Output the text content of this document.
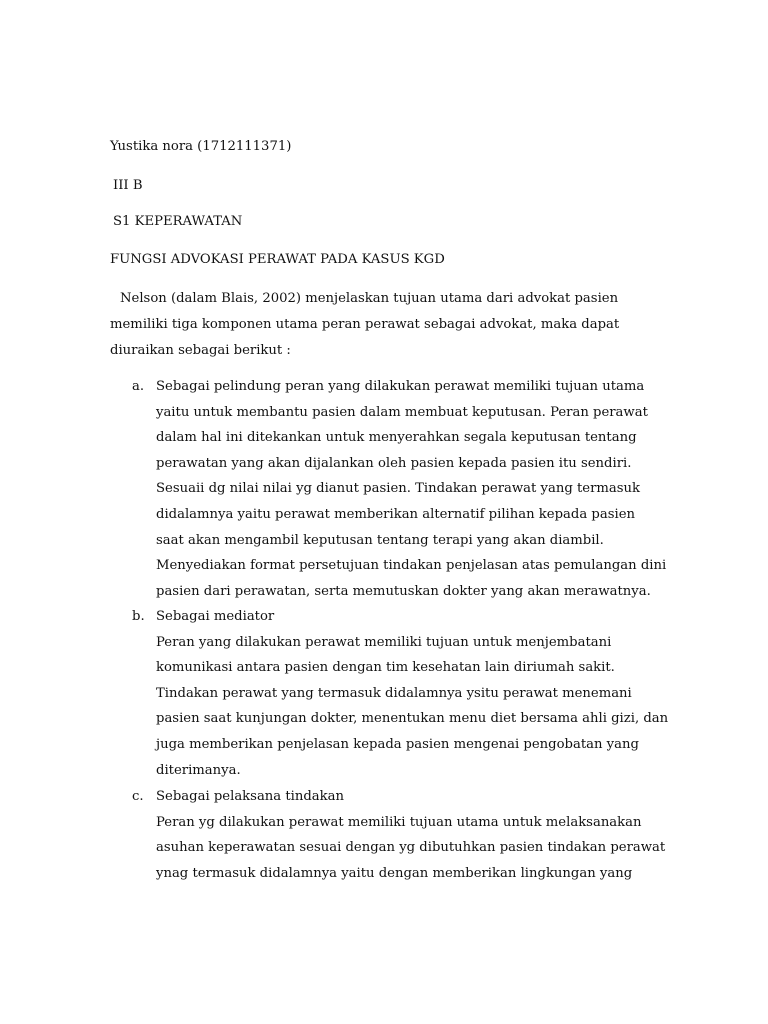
Yustika nora (1712111371)
III B
S1 KEPERAWATAN
FUNGSI ADVOKASI PERAWAT PADA KASUS KGD
Nelson (dalam Blais, 2002) menjelaskan tujuan utama dari advokat pasien
memiliki tiga komponen utama peran perawat sebagai advokat, maka dapat
diuraikan sebagai berikut :
a. Sebagai pelindung peran yang dilakukan perawat memiliki tujuan utama
yaitu untuk membantu pasien dalam membuat keputusan. Peran perawat
dalam hal ini ditekankan untuk menyerahkan segala keputusan tentang
perawatan yang akan dijalankan oleh pasien kepada pasien itu sendiri.
Sesuaii dg nilai nilai yg dianut pasien. Tindakan perawat yang termasuk
didalamnya yaitu perawat memberikan alternatif pilihan kepada pasien
saat akan mengambil keputusan tentang terapi yang akan diambil.
Menyediakan format persetujuan tindakan penjelasan atas pemulangan dini
pasien dari perawatan, serta memutuskan dokter yang akan merawatnya.
b. Sebagai mediator
Peran yang dilakukan perawat memiliki tujuan untuk menjembatani
komunikasi antara pasien dengan tim kesehatan lain diriumah sakit.
Tindakan perawat yang termasuk didalamnya ysitu perawat menemani
pasien saat kunjungan dokter, menentukan menu diet bersama ahli gizi, dan
juga memberikan penjelasan kepada pasien mengenai pengobatan yang
diterimanya.
c. Sebagai pelaksana tindakan
Peran yg dilakukan perawat memiliki tujuan utama untuk melaksanakan
asuhan keperawatan sesuai dengan yg dibutuhkan pasien tindakan perawat
ynag termasuk didalamnya yaitu dengan memberikan lingkungan yang
